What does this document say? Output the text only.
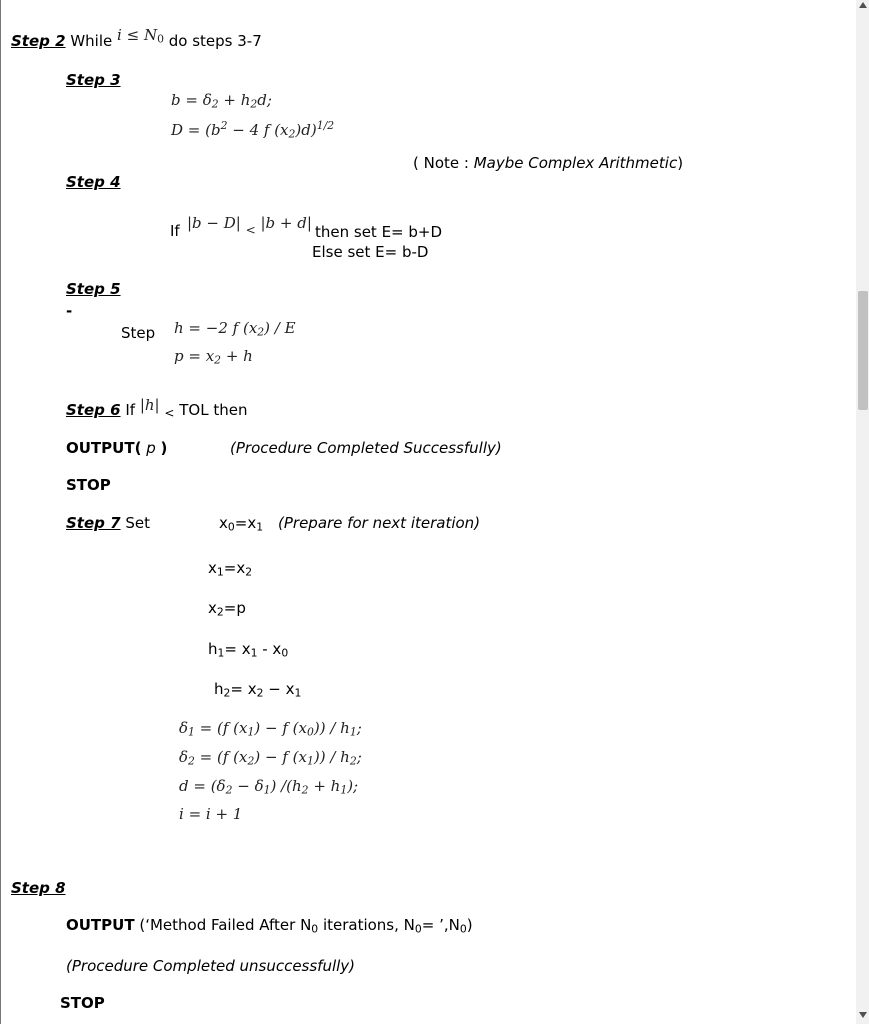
Step 2 While $i \le N_0$ do steps 3-7
Step 3
$b = \delta_2 + h_2d$;
$D = (b^2 - 4$ f $(x_2)d)^{1/2}$
( Note : Maybe Complex Arithmetic)
Step 4
If |b − D| $_<$ |b + d| then set E= b+D
Else set E= b-D
Step 5
-
Step h = −2 f $(x_2)$ / E
$p = x_2 + h$
Step 6 If |h| < TOL then
OUTPUT( p )	(Procedure Completed Successfully)
STOP
Step 7 Set	$x_0=x_1$ (Prepare for next iteration)
$x_1=x_2$
$x_2=p$
$h_1= x_1 - x_0$
$h_2= x_2 - x_1$
$\delta_1 = (f$ $(x_1) - f$ $(x_0)) / h_1$;
$\delta_2 = (f$ $(x_2) - f$ $(x_1)) / h_2$;
$d = (\delta_2 - \delta_1) /(h_2 + h_1)$;
i = i + 1
Step 8
OUTPUT (‘Method Failed After $N_0$ iterations, $N_0=$ $’,N_0$)
(Procedure Completed unsuccessfully)
STOP
